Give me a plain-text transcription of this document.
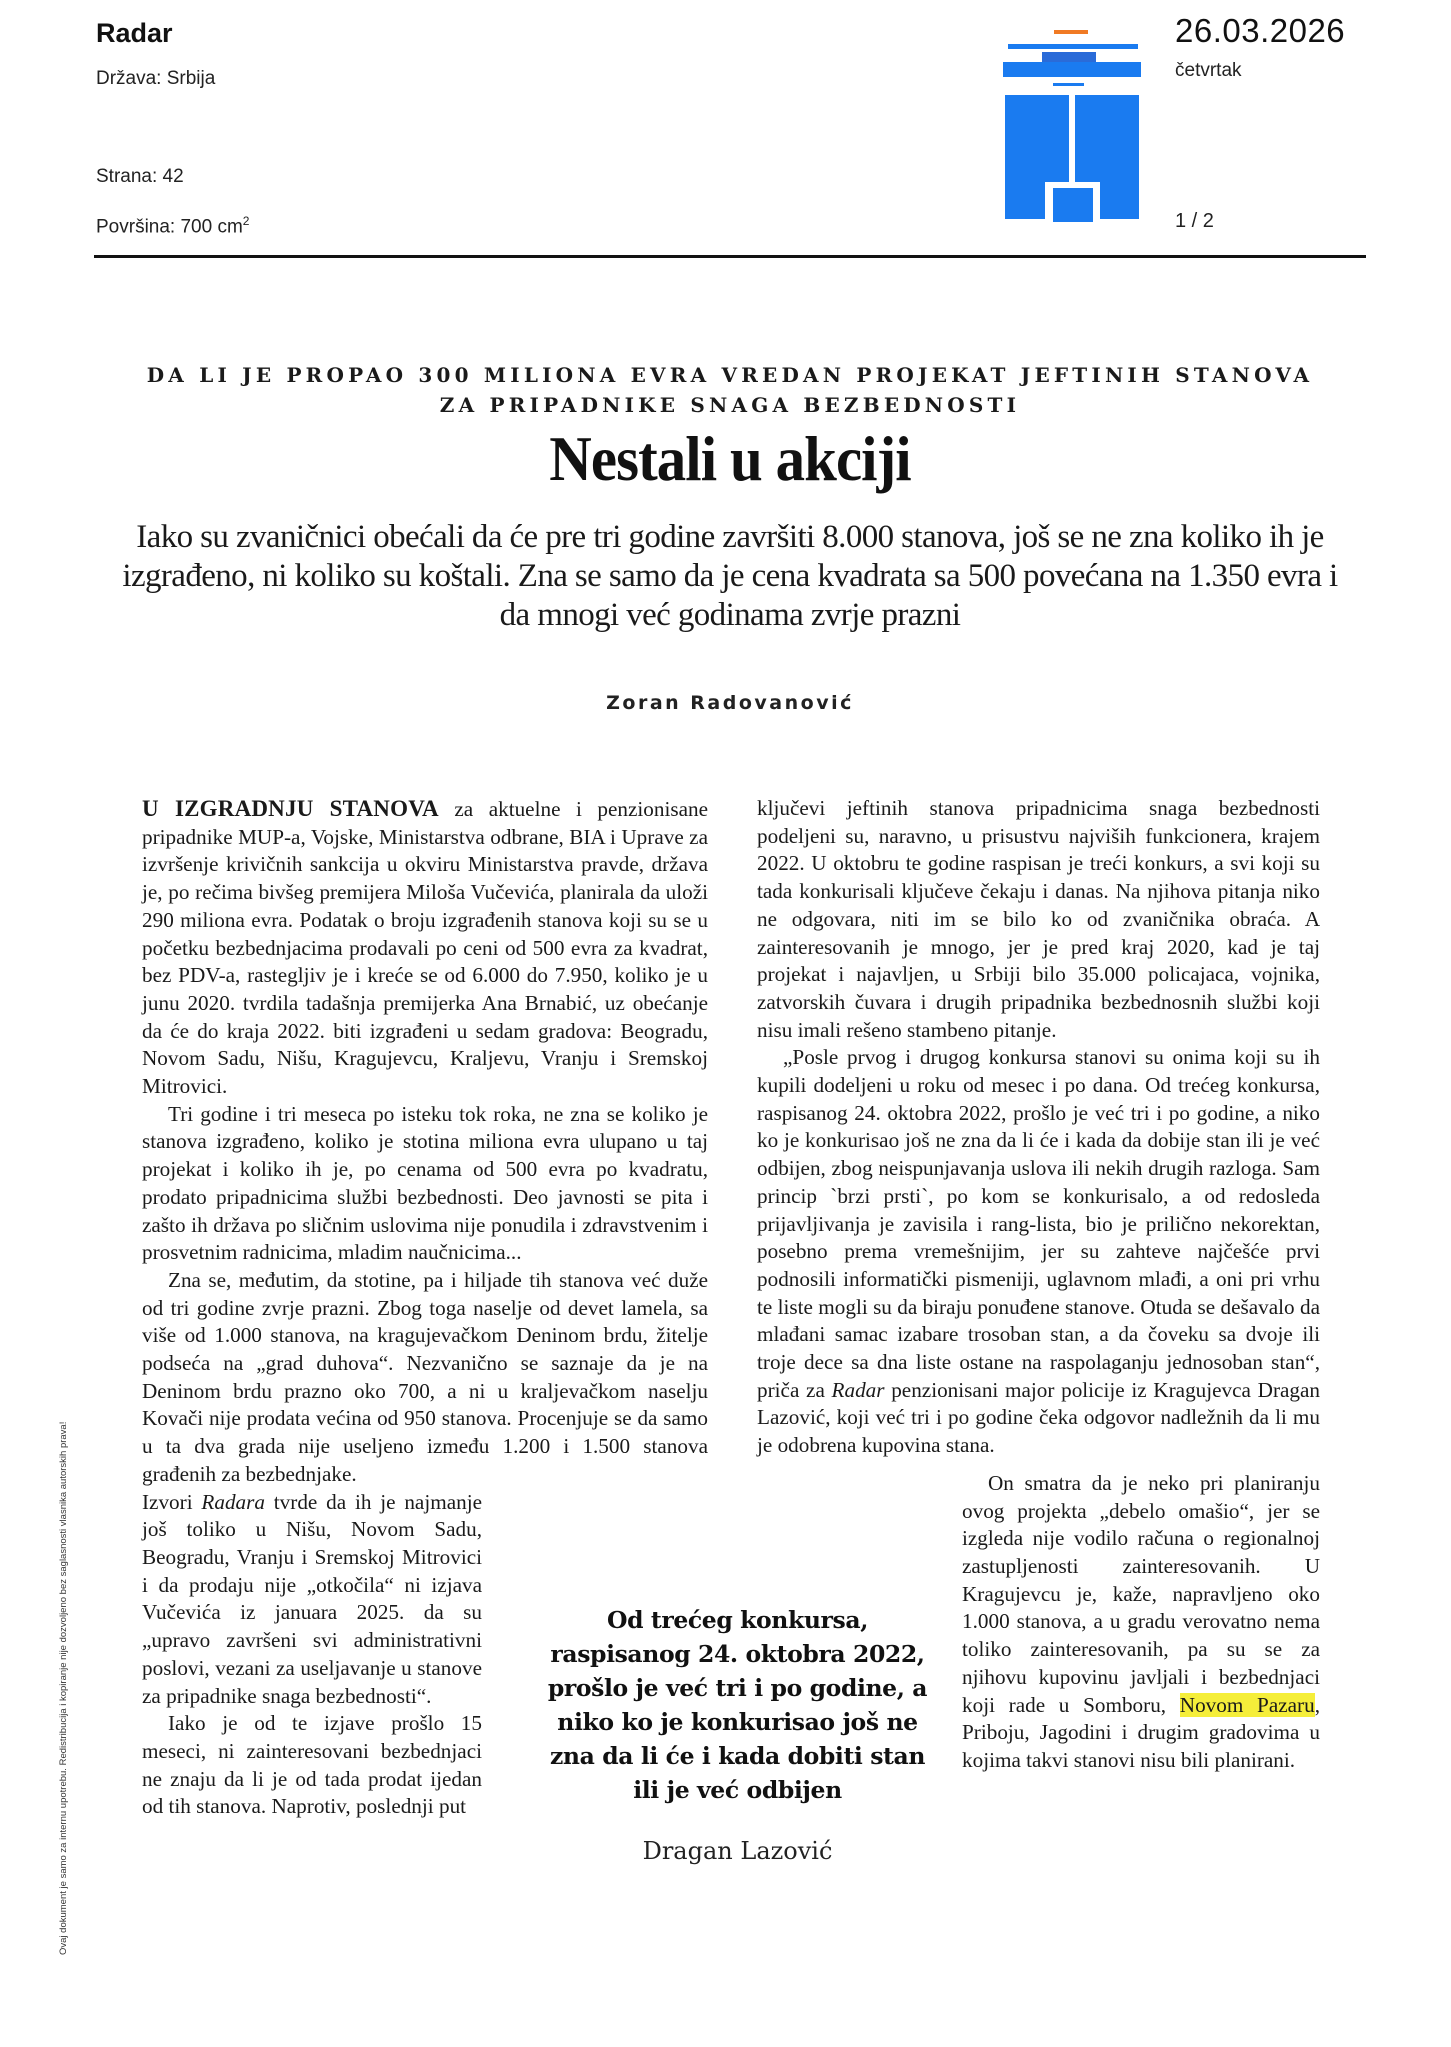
Radar
Država: Srbija
Strana: 42
Površina: 700 $cm^2$
26.03.2026
četvrtak
1 / 2
DA LI JE PROPAO 300 MILIONA EVRA VREDAN PROJEKAT JEFTINIH STANOVA
ZA PRIPADNIKE SNAGA BEZBEDNOSTI
Nestali u akciji
Iako su zvaničnici obećali da će pre tri godine završiti 8.000 stanova, još se ne zna koliko ih je izgrađeno, ni koliko su koštali. Zna se samo da je cena kvadrata sa 500 povećana na 1.350 evra i da mnogi već godinama zvrje prazni
Zoran Radovanović

U IZGRADNJU STANOVA za aktuelne i penzionisane pripadnike MUP-a, Vojske, Ministarstva odbrane, BIA i Uprave za izvršenje krivičnih sankcija u okviru Ministarstva pravde, država je, po rečima bivšeg premijera Miloša Vučevića, planirala da uloži 290 miliona evra. Podatak o broju izgrađenih stanova koji su se u početku bezbednjacima prodavali po ceni od 500 evra za kvadrat, bez PDV-a, rastegljiv je i kreće se od 6.000 do 7.950, koliko je u junu 2020. tvrdila tadašnja premijerka Ana Brnabić, uz obećanje da će do kraja 2022. biti izgrađeni u sedam gradova: Beogradu, Novom Sadu, Nišu, Kragujevcu, Kraljevu, Vranju i Sremskoj Mitrovici.

Tri godine i tri meseca po isteku tok roka, ne zna se koliko je stanova izgrađeno, koliko je stotina miliona evra ulupano u taj projekat i koliko ih je, po cenama od 500 evra po kvadratu, prodato pripadnicima službi bezbednosti. Deo javnosti se pita i zašto ih država po sličnim uslovima nije ponudila i zdravstvenim i prosvetnim radnicima, mladim naučnicima...

Zna se, međutim, da stotine, pa i hiljade tih stanova već duže od tri godine zvrje prazni. Zbog toga naselje od devet lamela, sa više od 1.000 stanova, na kragujevačkom Deninom brdu, žitelje podseća na „grad duhova“. Nezvanično se saznaje da je na Deninom brdu prazno oko 700, a ni u kraljevačkom naselju Kovači nije prodata većina od 950 stanova. Procenjuje se da samo u ta dva grada nije useljeno između 1.200 i 1.500 stanova građenih za bezbednjake.

Izvori Radara tvrde da ih je najmanje još toliko u Nišu, Novom Sadu, Beogradu, Vranju i Sremskoj Mitrovici i da prodaju nije „otkočila“ ni izjava Vučevića iz januara 2025. da su „upravo završeni svi administrativni poslovi, vezani za useljavanje u stanove za pripadnike snaga bezbednosti“.

Iako je od te izjave prošlo 15 meseci, ni zainteresovani bezbednjaci ne znaju da li je od tada prodat ijedan od tih stanova. Naprotiv, poslednji put

ključevi jeftinih stanova pripadnicima snaga bezbednosti podeljeni su, naravno, u prisustvu najviših funkcionera, krajem 2022. U oktobru te godine raspisan je treći konkurs, a svi koji su tada konkurisali ključeve čekaju i danas. Na njihova pitanja niko ne odgovara, niti im se bilo ko od zvaničnika obraća. A zainteresovanih je mnogo, jer je pred kraj 2020, kad je taj projekat i najavljen, u Srbiji bilo 35.000 policajaca, vojnika, zatvorskih čuvara i drugih pripadnika bezbednosnih službi koji nisu imali rešeno stambeno pitanje.

„Posle prvog i drugog konkursa stanovi su onima koji su ih kupili dodeljeni u roku od mesec i po dana. Od trećeg konkursa, raspisanog 24. oktobra 2022, prošlo je već tri i po godine, a niko ko je konkurisao još ne zna da li će i kada da dobije stan ili je već odbijen, zbog neispunjavanja uslova ili nekih drugih razloga. Sam princip `brzi prsti`, po kom se konkurisalo, a od redosleda prijavljivanja je zavisila i rang-lista, bio je prilično nekorektan, posebno prema vremešnijim, jer su zahteve najčešće prvi podnosili informatički pismeniji, uglavnom mlađi, a oni pri vrhu te liste mogli su da biraju ponuđene stanove. Otuda se dešavalo da mlađani samac izabare trosoban stan, a da čoveku sa dvoje ili troje dece sa dna liste ostane na raspolaganju jednosoban stan“, priča za Radar penzionisani major policije iz Kragujevca Dragan Lazović, koji već tri i po godine čeka odgovor nadležnih da li mu je odobrena kupovina stana.

On smatra da je neko pri planiranju ovog projekta „debelo omašio“, jer se izgleda nije vodilo računa o regionalnoj zastupljenosti zainteresovanih. U Kragujevcu je, kaže, napravljeno oko 1.000 stanova, a u gradu verovatno nema toliko zainteresovanih, pa su se za njihovu kupovinu javljali i bezbednjaci koji rade u Somboru, Novom Pazaru, Priboju, Jagodini i drugim gradovima u kojima takvi stanovi nisu bili planirani.

Od trećeg konkursa, raspisanog 24. oktobra 2022, prošlo je već tri i po godine, a niko ko je konkurisao još ne zna da li će i kada dobiti stan ili je već odbijen
Dragan Lazović
Ovaj dokument je samo za internu upotrebu. Redistribucija i kopiranje nije dozvoljeno bez saglasnosti vlasnika autorskih prava!
